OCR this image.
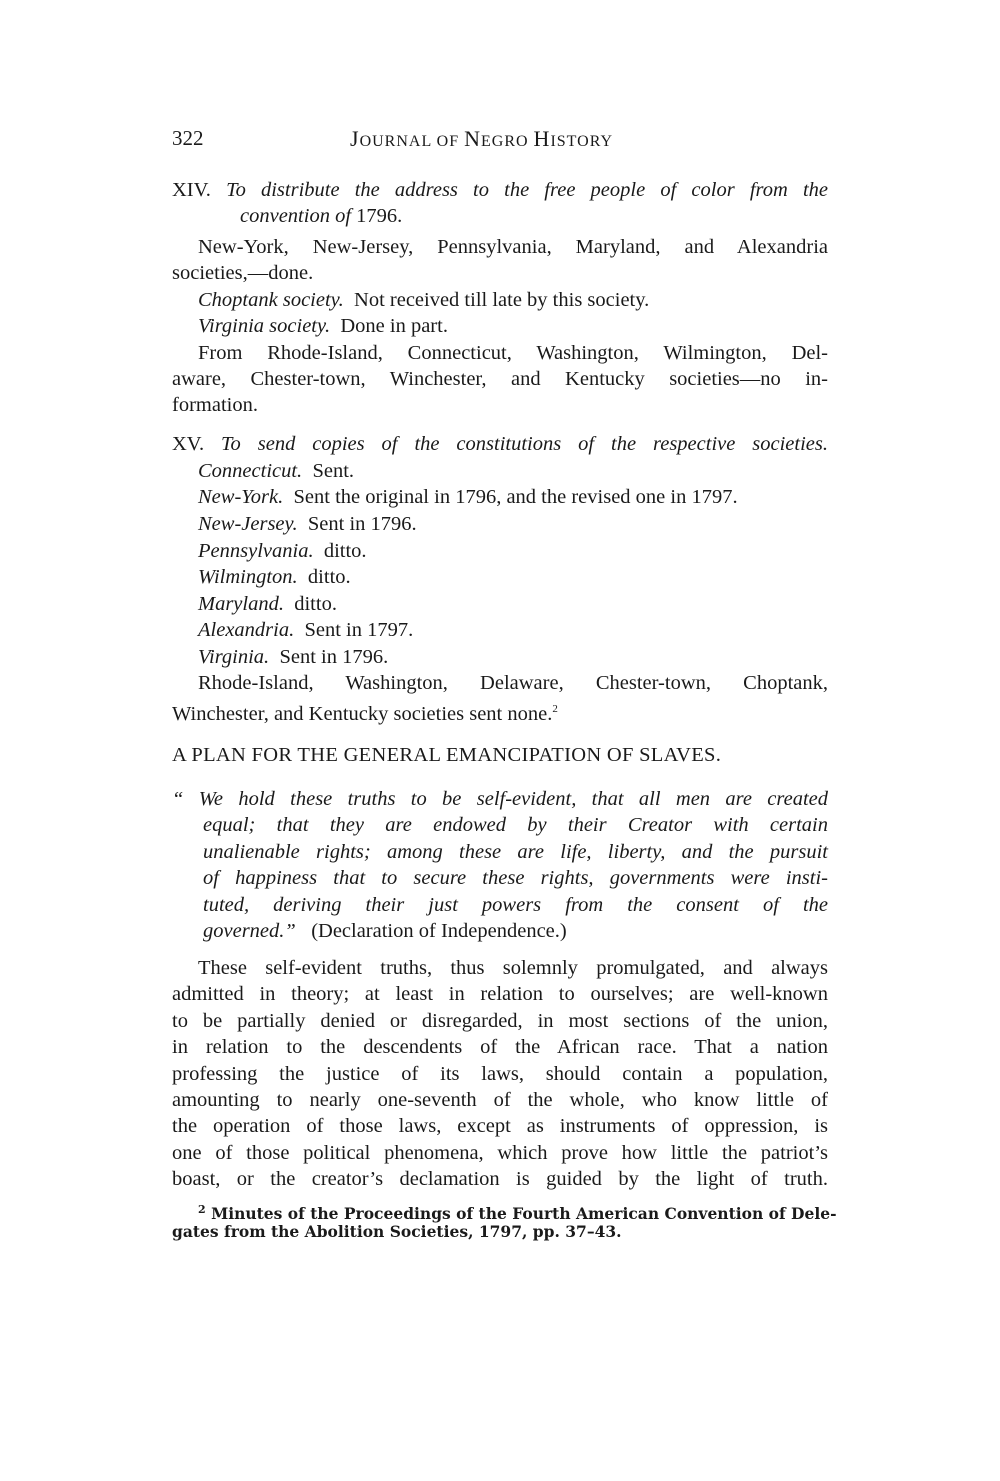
322	JOURNAL OF NEGRO HISTORY
XIV. To distribute the address to the free people of color from the
convention of 1796.
New-York, New-Jersey, Pennsylvania, Maryland, and Alexandria
societies,—done.
Choptank society. Not received till late by this society.
Virginia society. Done in part.
From Rhode-Island, Connecticut, Washington, Wilmington, Del-
aware, Chester-town, Winchester, and Kentucky societies—no in-
formation.
XV. To send copies of the constitutions of the respective societies.
Connecticut. Sent.
New-York. Sent the original in 1796, and the revised one in 1797.
New-Jersey. Sent in 1796.
Pennsylvania. ditto.
Wilmington. ditto.
Maryland. ditto.
Alexandria. Sent in 1797.
Virginia. Sent in 1796.
Rhode-Island, Washington, Delaware, Chester-town, Choptank,
Winchester, and Kentucky societies sent none.$^2$
A PLAN FOR THE GENERAL EMANCIPATION OF SLAVES.
“ We hold these truths to be self-evident, that all men are created
equal; that they are endowed by their Creator with certain
unalienable rights; among these are life, liberty, and the pursuit
of happiness that to secure these rights, governments were insti-
tuted, deriving their just powers from the consent of the
governed.” (Declaration of Independence.)
These self-evident truths, thus solemnly promulgated, and always
admitted in theory; at least in relation to ourselves; are well-known
to be partially denied or disregarded, in most sections of the union,
in relation to the descendents of the African race. That a nation
professing the justice of its laws, should contain a population,
amounting to nearly one-seventh of the whole, who know little of
the operation of those laws, except as instruments of oppression, is
one of those political phenomena, which prove how little the patriot’s
boast, or the creator’s declamation is guided by the light of truth.
$^2$ Minutes of the Proceedings of the Fourth American Convention of Dele-
gates from the Abolition Societies, 1797, pp. 37–43.
